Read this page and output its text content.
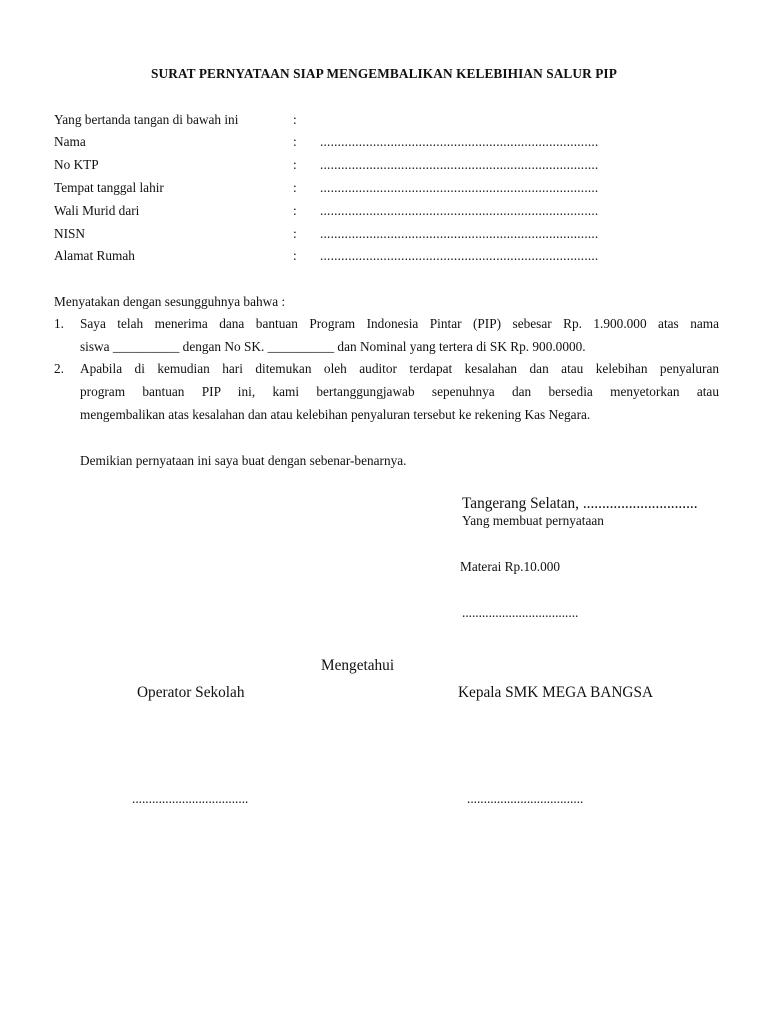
SURAT PERNYATAAN SIAP MENGEMBALIKAN KELEBIHIAN SALUR PIP
Yang bertanda tangan di bawah ini	:
Nama	: ...............................................................................
No KTP	: ...............................................................................
Tempat tanggal lahir	: ...............................................................................
Wali Murid dari	: ...............................................................................
NISN	: ...............................................................................
Alamat Rumah	: ...............................................................................
Menyatakan dengan sesungguhnya bahwa :
1. Saya telah menerima dana bantuan Program Indonesia Pintar (PIP) sebesar Rp. 1.900.000 atas nama
siswa __________ dengan No SK. __________ dan Nominal yang tertera di SK Rp. 900.0000.
2. Apabila di kemudian hari ditemukan oleh auditor terdapat kesalahan dan atau kelebihan penyaluran
program bantuan PIP ini, kami bertanggungjawab sepenuhnya dan bersedia menyetorkan atau
mengembalikan atas kesalahan dan atau kelebihan penyaluran tersebut ke rekening Kas Negara.
Demikian pernyataan ini saya buat dengan sebenar-benarnya.
Tangerang Selatan, ..............................
Yang membuat pernyataan
Materai Rp.10.000
...................................
Mengetahui
Operator Sekolah	Kepala SMK MEGA BANGSA
...................................	...................................
